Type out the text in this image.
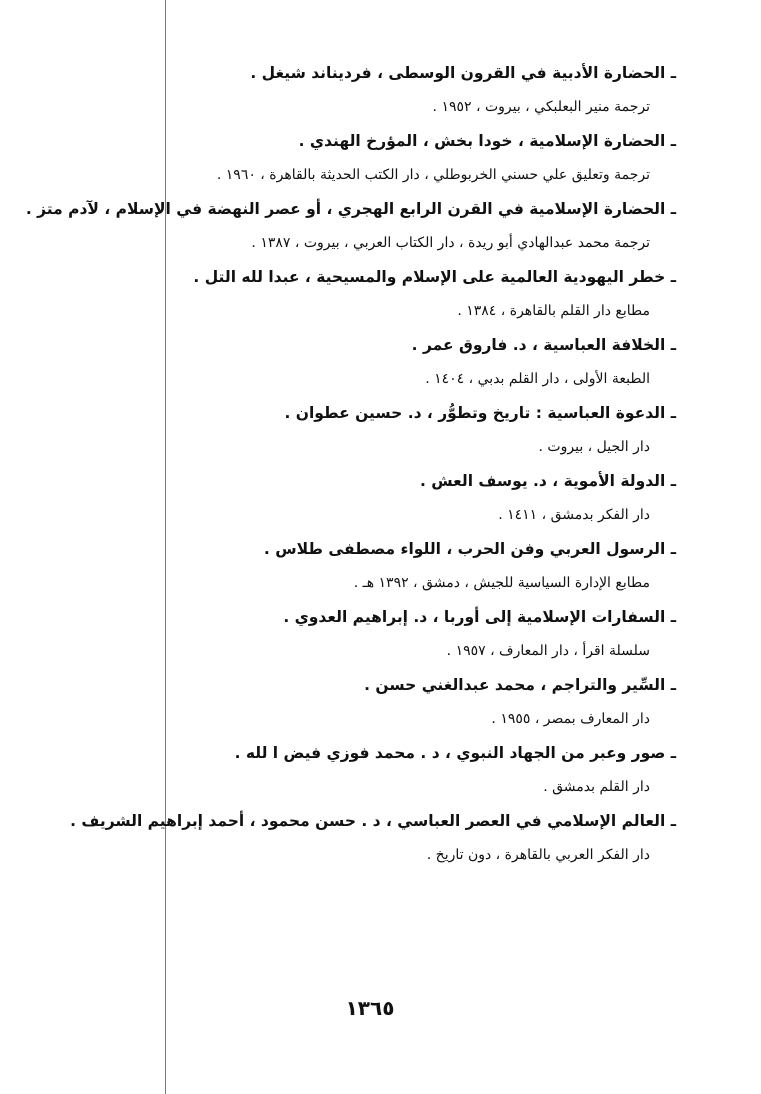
ـ الحضارة الأدبية في القرون الوسطى ، فرديناند شيغل .
ترجمة منير البعلبكي ، بيروت ، ١٩٥٢ .
ـ الحضارة الإسلامية ، خودا بخش ، المؤرخ الهندي .
ترجمة وتعليق علي حسني الخربوطلي ، دار الكتب الحديثة بالقاهرة ، ١٩٦٠ .
ـ الحضارة الإسلامية في القرن الرابع الهجري ، أو عصر النهضة في الإسلام ، لآدم متز .
ترجمة محمد عبدالهادي أبو ريدة ، دار الكتاب العربي ، بيروت ، ١٣٨٧ .
ـ خطر اليهودية العالمية على الإسلام والمسيحية ، عبدا لله التل .
مطابع دار القلم بالقاهرة ، ١٣٨٤ .
ـ الخلافة العباسية ، د. فاروق عمر .
الطبعة الأولى ، دار القلم بدبي ، ١٤٠٤ .
ـ الدعوة العباسية : تاريخ وتطوُّر ، د. حسين عطوان .
دار الجيل ، بيروت .
ـ الدولة الأموية ، د. يوسف العش .
دار الفكر بدمشق ، ١٤١١ .
ـ الرسول العربي وفن الحرب ، اللواء مصطفى طلاس .
مطابع الإدارة السياسية للجيش ، دمشق ، ١٣٩٢ هـ .
ـ السفارات الإسلامية إلى أوربا ، د. إبراهيم العدوي .
سلسلة اقرأ ، دار المعارف ، ١٩٥٧ .
ـ السِّير والتراجم ، محمد عبدالغني حسن .
دار المعارف بمصر ، ١٩٥٥ .
ـ صور وعبر من الجهاد النبوي ، د . محمد فوزي فيض ا لله .
دار القلم بدمشق .
ـ العالم الإسلامي في العصر العباسي ، د . حسن محمود ، أحمد إبراهيم الشريف .
دار الفكر العربي بالقاهرة ، دون تاريخ .
١٣٦٥
